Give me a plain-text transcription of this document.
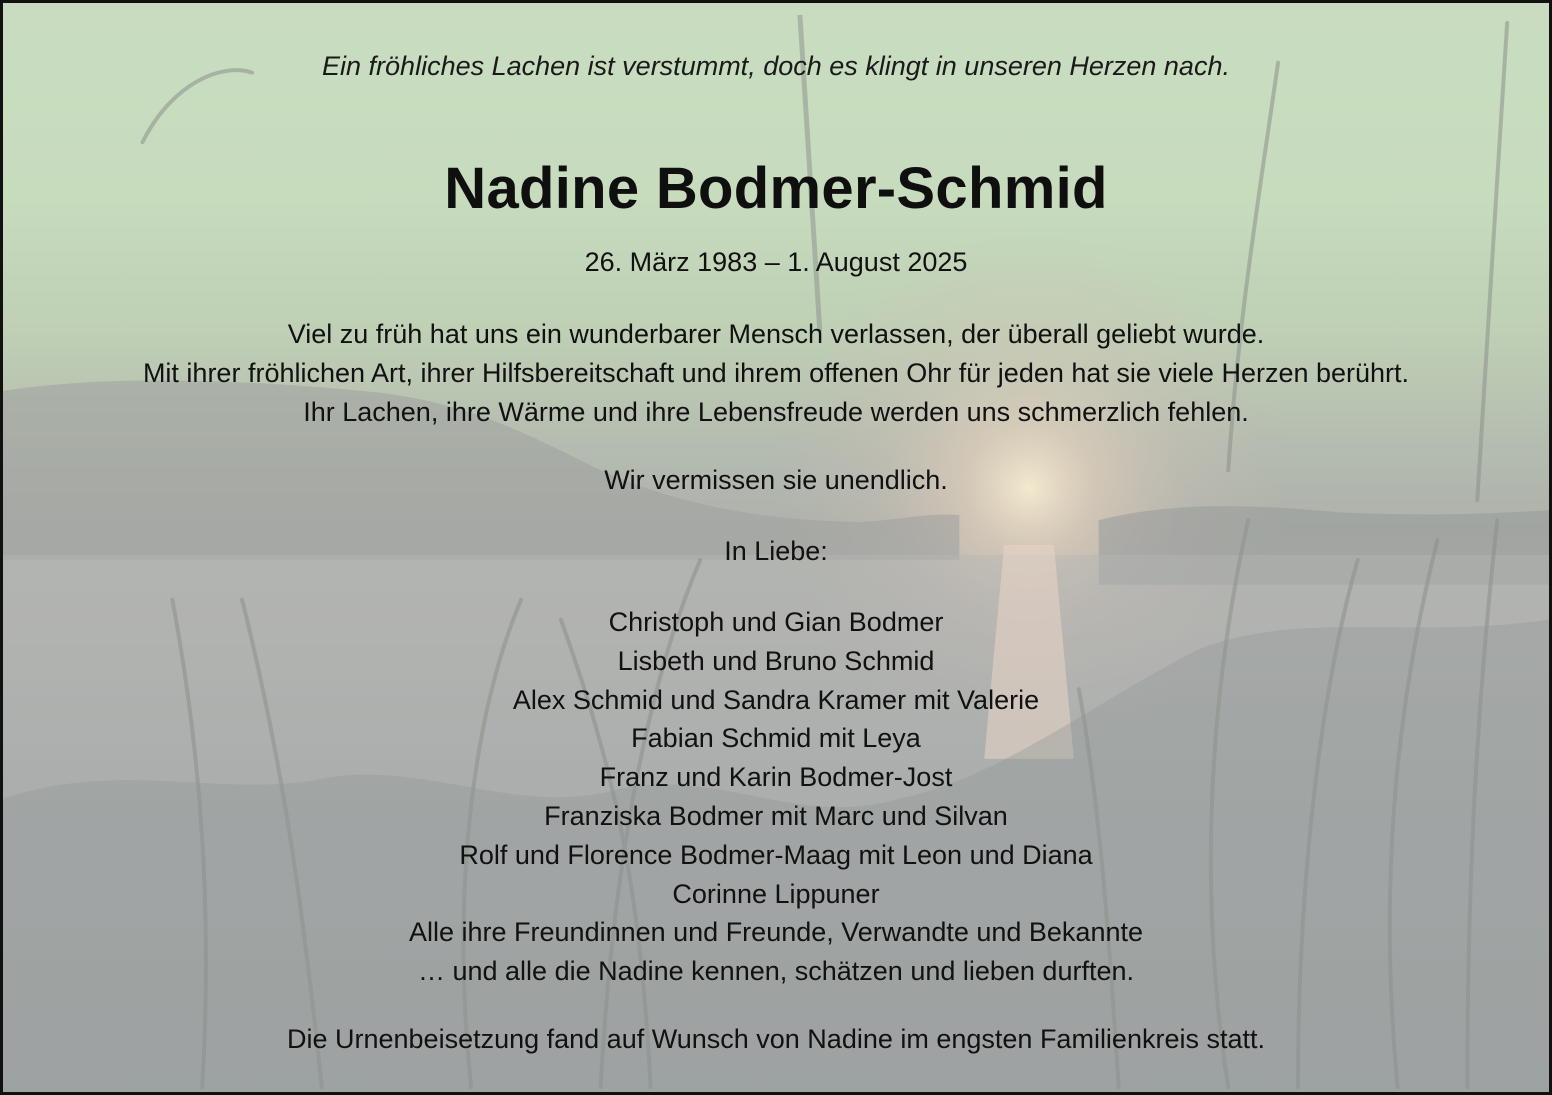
Ein fröhliches Lachen ist verstummt, doch es klingt in unseren Herzen nach.
Nadine Bodmer-Schmid
26. März 1983 – 1. August 2025
Viel zu früh hat uns ein wunderbarer Mensch verlassen, der überall geliebt wurde.
Mit ihrer fröhlichen Art, ihrer Hilfsbereitschaft und ihrem offenen Ohr für jeden hat sie viele Herzen berührt.
Ihr Lachen, ihre Wärme und ihre Lebensfreude werden uns schmerzlich fehlen.
Wir vermissen sie unendlich.
In Liebe:
Christoph und Gian Bodmer
Lisbeth und Bruno Schmid
Alex Schmid und Sandra Kramer mit Valerie
Fabian Schmid mit Leya
Franz und Karin Bodmer-Jost
Franziska Bodmer mit Marc und Silvan
Rolf und Florence Bodmer-Maag mit Leon und Diana
Corinne Lippuner
Alle ihre Freundinnen und Freunde, Verwandte und Bekannte
… und alle die Nadine kennen, schätzen und lieben durften.
Die Urnenbeisetzung fand auf Wunsch von Nadine im engsten Familienkreis statt.
